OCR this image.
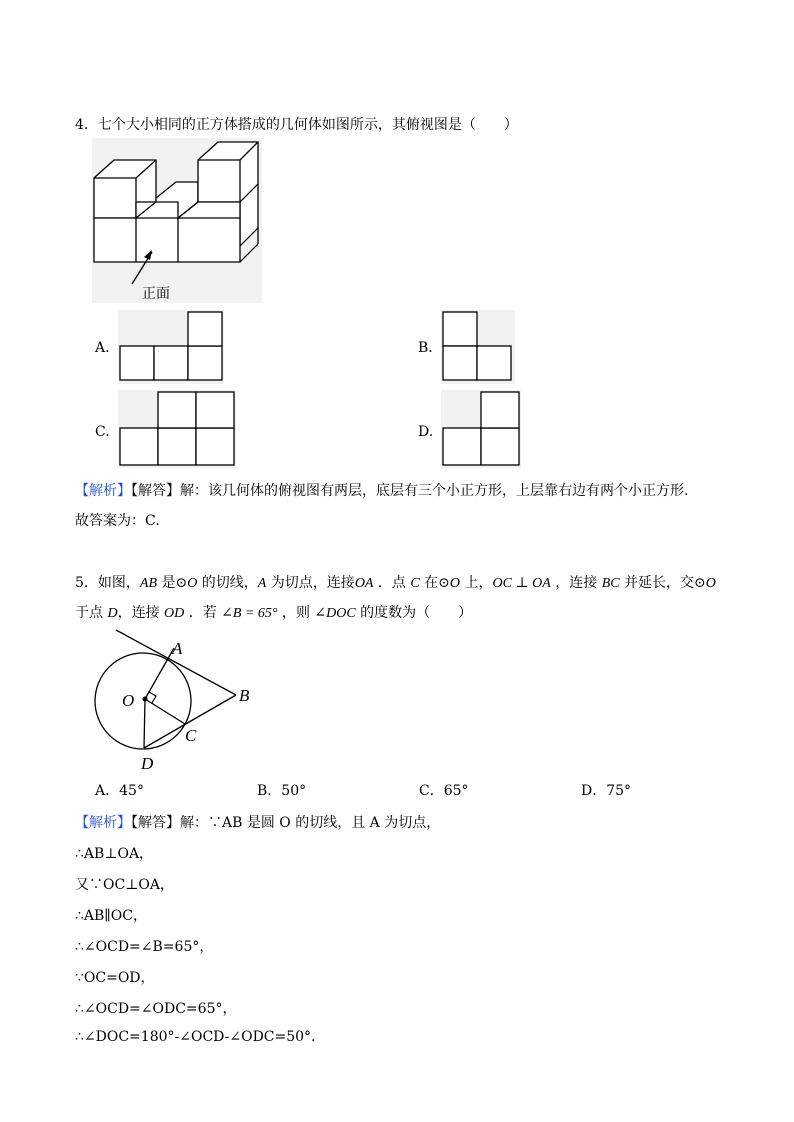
4．七个大小相同的正方体搭成的几何体如图所示，其俯视图是（　　）
正面
A.	B.
C.	D.
【解析】【解答】解：该几何体的俯视图有两层，底层有三个小正方形，上层靠右边有两个小正方形.
故答案为：C.
5．如图，AB 是⊙O 的切线，A 为切点，连接OA ．点 C 在⊙O 上，OC ⊥ OA ，连接 BC 并延长，交⊙O
于点 D，连接 OD ．若 ∠B = 65° ，则 ∠DOC 的度数为（　　）
A
O	B
C
D
A．45°	B．50°	C．65°	D．75°
【解析】【解答】解：∵AB 是圆 O 的切线，且 A 为切点，
∴AB⊥OA，
又∵OC⊥OA，
∴AB∥OC，
∴∠OCD=∠B=65°，
∵OC=OD，
∴∠OCD=∠ODC=65°，
∴∠DOC=180°-∠OCD-∠ODC=50°.
